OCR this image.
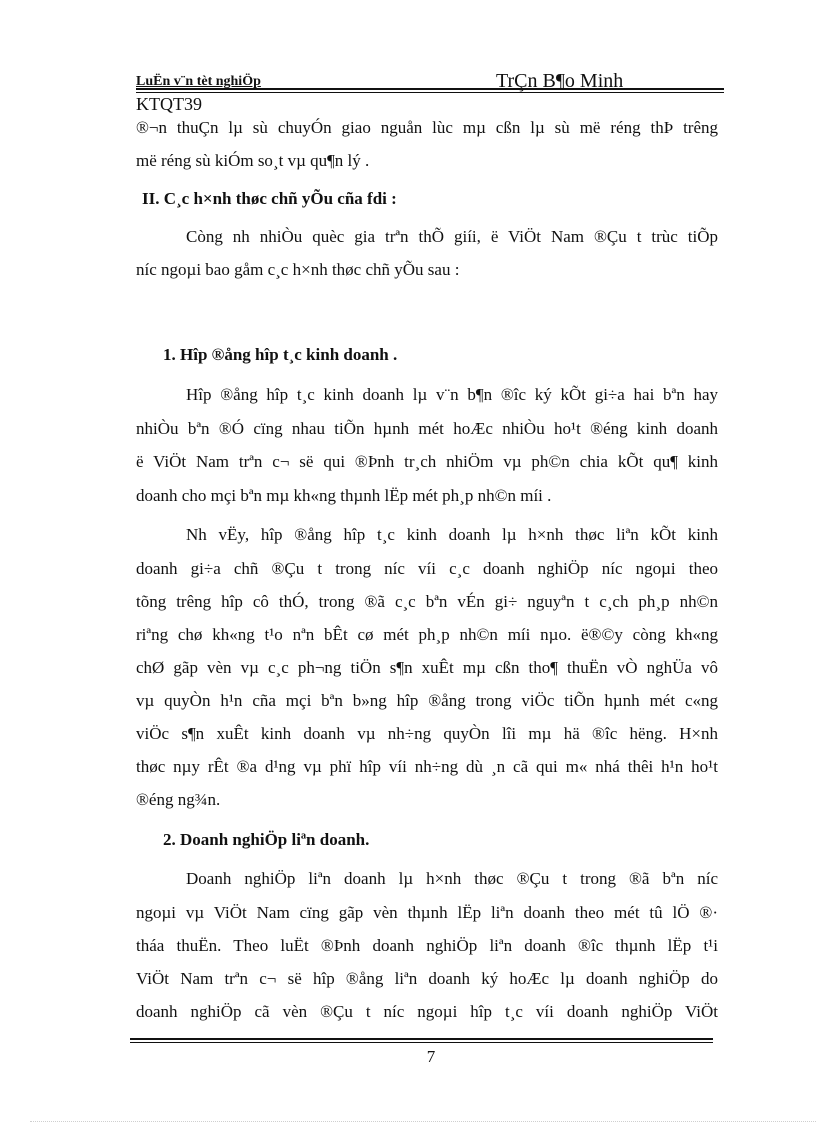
LuËn v¨n tèt nghiÖp	TrÇn B¶o Minh
KTQT39
®¬n thuÇn lµ sù chuyÓn giao nguån lùc mµ cßn lµ sù më réng thÞ trêng
më réng sù kiÓm so¸t vµ qu¶n lý .
II. C¸c h×nh thøc chñ yÕu cña fdi :
Còng nh nhiÒu quèc gia trªn thÕ giíi, ë ViÖt Nam ®Çu t trùc tiÕp
níc ngoµi bao gåm c¸c h×nh thøc chñ yÕu sau :
1. Hîp ®ång hîp t¸c kinh doanh .
Hîp ®ång hîp t¸c kinh doanh lµ v¨n b¶n ®îc ký kÕt gi÷a hai bªn hay
nhiÒu bªn ®Ó cïng nhau tiÕn hµnh mét hoÆc nhiÒu ho¹t ®éng kinh doanh
ë ViÖt Nam trªn c¬ së qui ®Þnh tr¸ch nhiÖm vµ ph©n chia kÕt qu¶ kinh
doanh cho mçi bªn mµ kh«ng thµnh lËp mét ph¸p nh©n míi .
Nh vËy, hîp ®ång hîp t¸c kinh doanh lµ h×nh thøc liªn kÕt kinh
doanh gi÷a chñ ®Çu t trong níc víi c¸c doanh nghiÖp níc ngoµi theo
tõng trêng hîp cô thÓ, trong ®ã c¸c bªn vÉn gi÷ nguyªn t c¸ch ph¸p nh©n
riªng chø kh«ng t¹o nªn bÊt cø mét ph¸p nh©n míi nµo. ë®©y còng kh«ng
chØ gãp vèn vµ c¸c ph¬ng tiÖn s¶n xuÊt mµ cßn tho¶ thuËn vÒ nghÜa vô
vµ quyÒn h¹n cña mçi bªn b»ng hîp ®ång trong viÖc tiÕn hµnh mét c«ng
viÖc s¶n xuÊt kinh doanh vµ nh÷ng quyÒn lîi mµ hä ®îc hëng. H×nh
thøc nµy rÊt ®a d¹ng vµ phï hîp víi nh÷ng dù ¸n cã qui m« nhá thêi h¹n ho¹t
®éng ng¾n.
2. Doanh nghiÖp liªn doanh.
Doanh nghiÖp liªn doanh lµ h×nh thøc ®Çu t trong ®ã bªn níc
ngoµi vµ ViÖt Nam cïng gãp vèn thµnh lËp liªn doanh theo mét tû lÖ ®·
tháa thuËn. Theo luËt ®Þnh doanh nghiÖp liªn doanh ®îc thµnh lËp t¹i
ViÖt Nam trªn c¬ së hîp ®ång liªn doanh ký hoÆc lµ doanh nghiÖp do
doanh nghiÖp cã vèn ®Çu t níc ngoµi hîp t¸c víi doanh nghiÖp ViÖt
7
